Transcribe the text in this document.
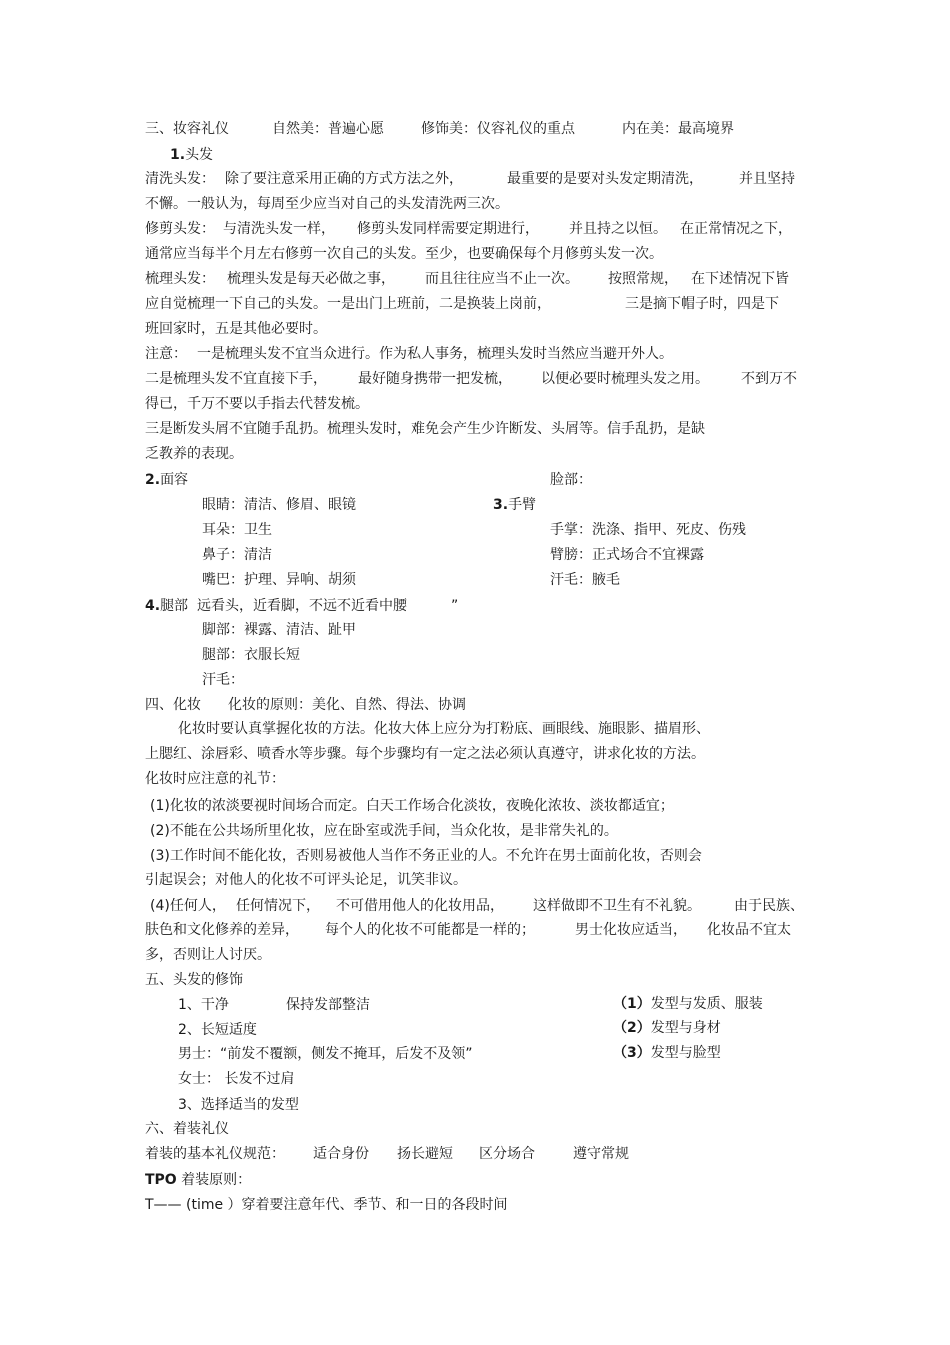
三、妆容礼仪	自然美：普遍心愿	修饰美：仪容礼仪的重点	内在美：最高境界
1.头发
清洗头发： 除了要注意采用正确的方式方法之外，	最重要的是要对头发定期清洗，	并且坚持
不懈。一般认为，每周至少应当对自己的头发清洗两三次。
修剪头发： 与清洗头发一样， 修剪头发同样需要定期进行， 并且持之以恒。 在正常情况之下，
通常应当每半个月左右修剪一次自己的头发。至少，也要确保每个月修剪头发一次。
梳理头发： 梳理头发是每天必做之事， 而且往往应当不止一次。 按照常规， 在下述情况下皆
应自觉梳理一下自己的头发。一是出门上班前，二是换装上岗前，	三是摘下帽子时，四是下
班回家时，五是其他必要时。
注意： 一是梳理头发不宜当众进行。作为私人事务，梳理头发时当然应当避开外人。
二是梳理头发不宜直接下手， 最好随身携带一把发梳， 以便必要时梳理头发之用。 不到万不
得已，千万不要以手指去代替发梳。
三是断发头屑不宜随手乱扔。梳理头发时，难免会产生少许断发、头屑等。信手乱扔，是缺
乏教养的表现。
2.面容	脸部：
眼睛：清洁、修眉、眼镜	3.手臂
耳朵：卫生	手掌：洗涤、指甲、死皮、伤残
鼻子：清洁	臂膀：正式场合不宜裸露
嘴巴：护理、异响、胡须	汗毛：腋毛
4.腿部 远看头，近看脚，不远不近看中腰	”
脚部：裸露、清洁、趾甲
腿部：衣服长短
汗毛：
四、化妆 化妆的原则：美化、自然、得法、协调
化妆时要认真掌握化妆的方法。化妆大体上应分为打粉底、画眼线、施眼影、描眉形、
上腮红、涂唇彩、喷香水等步骤。每个步骤均有一定之法必须认真遵守，讲求化妆的方法。
化妆时应注意的礼节：
(1)化妆的浓淡要视时间场合而定。白天工作场合化淡妆，夜晚化浓妆、淡妆都适宜；
(2)不能在公共场所里化妆，应在卧室或洗手间，当众化妆，是非常失礼的。
(3)工作时间不能化妆，否则易被他人当作不务正业的人。不允许在男士面前化妆，否则会
引起误会；对他人的化妆不可评头论足，讥笑非议。
(4)任何人， 任何情况下， 不可借用他人的化妆用品， 这样做即不卫生有不礼貌。 由于民族、
肤色和文化修养的差异， 每个人的化妆不可能都是一样的；	男士化妆应适当， 化妆品不宜太
多，否则让人讨厌。
五、头发的修饰
1、干净	保持发部整洁	（1）发型与发质、服装
2、长短适度	（2）发型与身材
男士：“前发不覆额，侧发不掩耳，后发不及领”	（3）发型与脸型
女士： 长发不过肩
3、选择适当的发型
六、着装礼仪
着装的基本礼仪规范： 适合身份 扬长避短 区分场合	遵守常规
TPO 着装原则：
T—— (time ）穿着要注意年代、季节、和一日的各段时间
